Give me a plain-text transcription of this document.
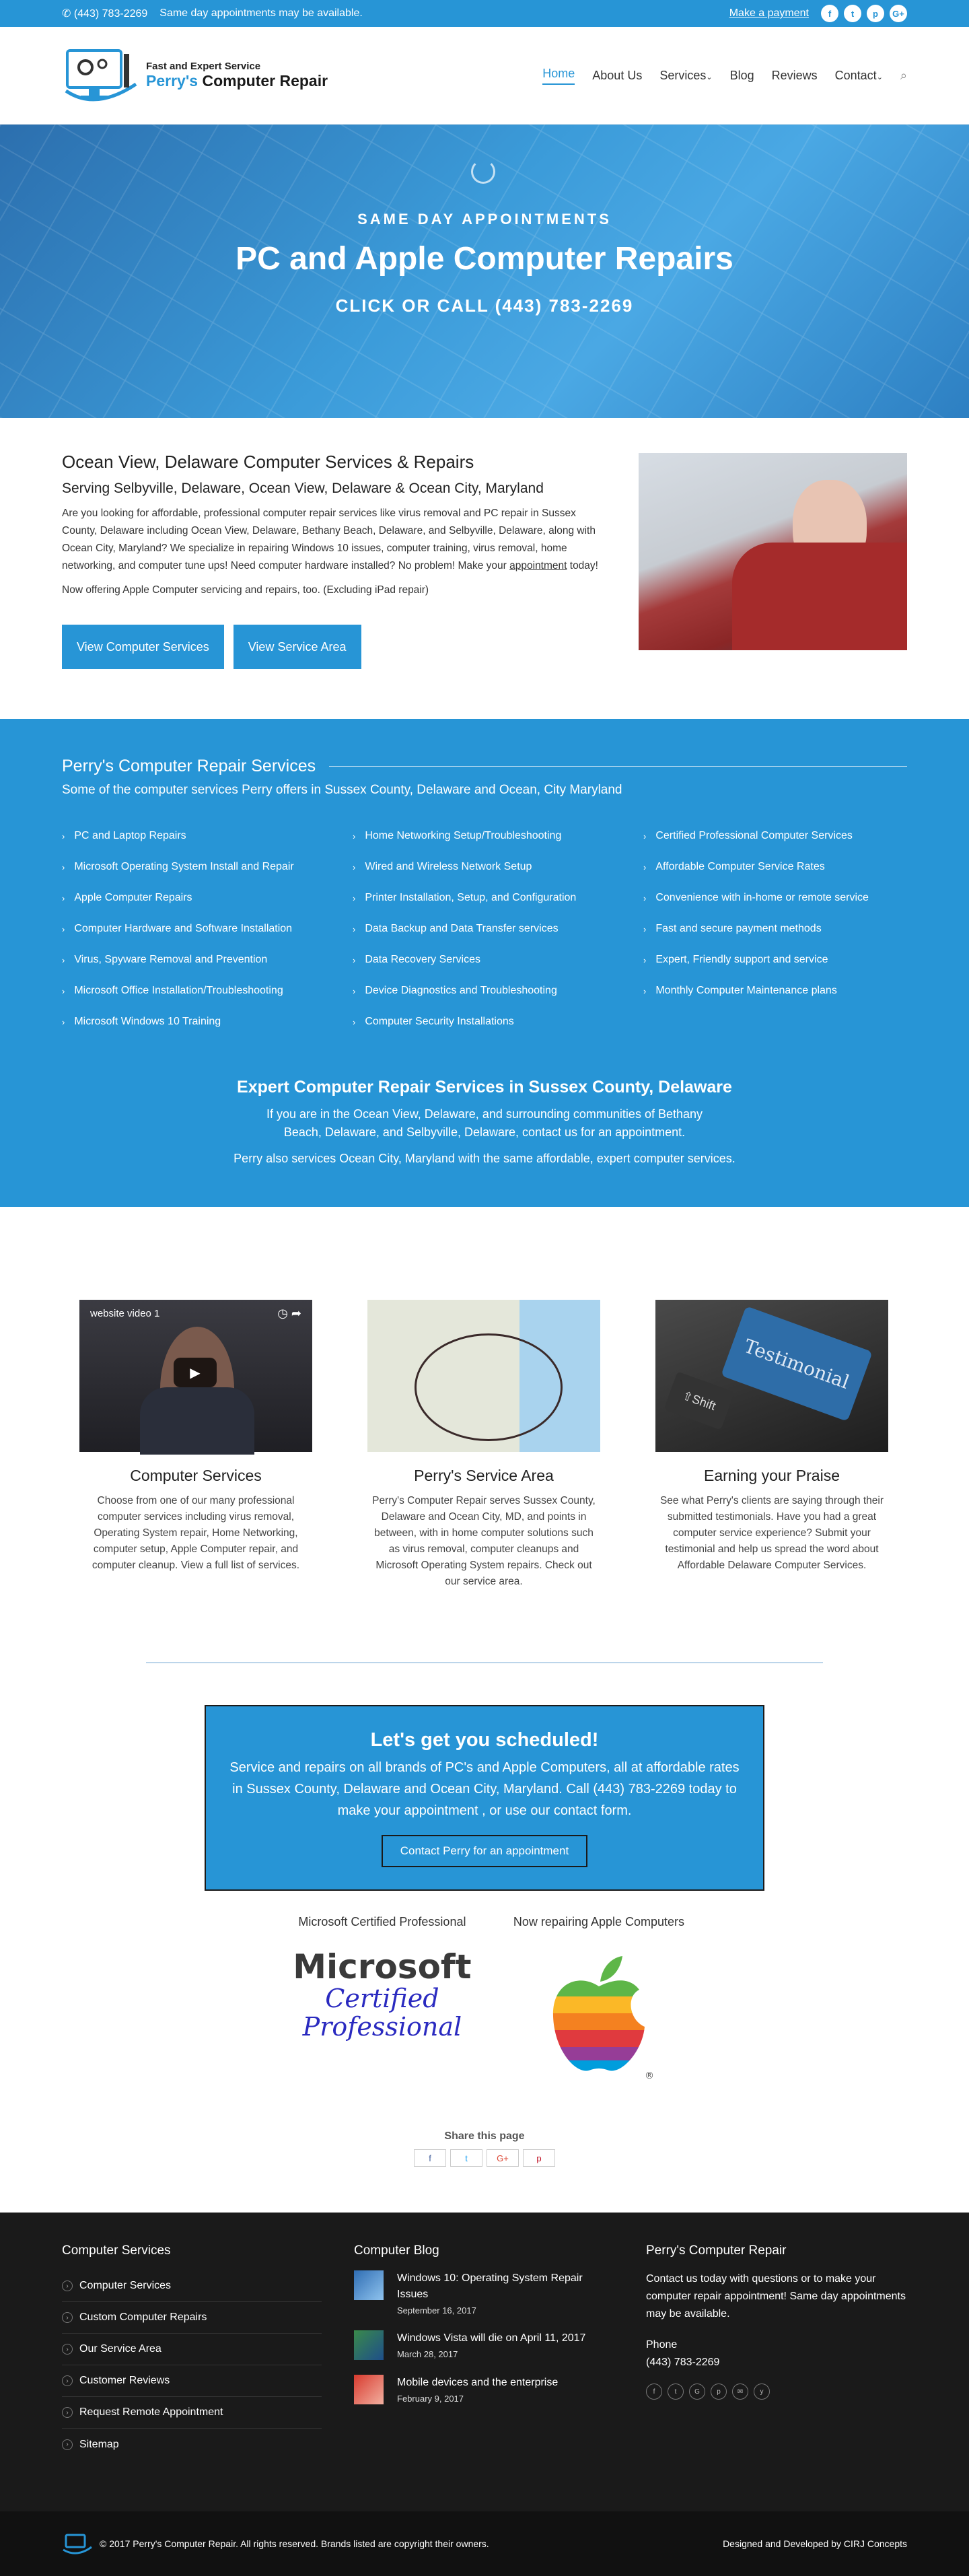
✆ (443) 783-2269 Same day appointments may be available.	Make a payment	f	t	p	G+
Fast and Expert Service
Perry's Computer Repair	Home About Us Services⌄ Blog Reviews Contact⌄ ⌕
SAME DAY APPOINTMENTS
PC and Apple Computer Repairs
CLICK OR CALL (443) 783-2269
Ocean View, Delaware Computer Services & Repairs
Serving Selbyville, Delaware, Ocean View, Delaware & Ocean City, Maryland

Are you looking for affordable, professional computer repair services like virus removal and PC repair in Sussex County, Delaware including Ocean View, Delaware, Bethany Beach, Delaware, and Selbyville, Delaware, along with Ocean City, Maryland? We specialize in repairing Windows 10 issues, computer training, virus removal, home networking, and computer tune ups! Need computer hardware installed? No problem! Make your appointment today!

Now offering Apple Computer servicing and repairs, too. (Excluding iPad repair)

View Computer Services	View Service Area
Perry's Computer Repair Services
Some of the computer services Perry offers in Sussex County, Delaware and Ocean, City Maryland
› PC and Laptop Repairs
› Microsoft Operating System Install and Repair
› Apple Computer Repairs
› Computer Hardware and Software Installation
› Virus, Spyware Removal and Prevention
› Microsoft Office Installation/Troubleshooting
› Microsoft Windows 10 Training
› Home Networking Setup/Troubleshooting
› Wired and Wireless Network Setup
› Printer Installation, Setup, and Configuration
› Data Backup and Data Transfer services
› Data Recovery Services
› Device Diagnostics and Troubleshooting
› Computer Security Installations
› Certified Professional Computer Services
› Affordable Computer Service Rates
› Convenience with in-home or remote service
› Fast and secure payment methods
› Expert, Friendly support and service
› Monthly Computer Maintenance plans
Expert Computer Repair Services in Sussex County, Delaware

If you are in the Ocean View, Delaware, and surrounding communities of Bethany Beach, Delaware, and Selbyville, Delaware, contact us for an appointment.

Perry also services Ocean City, Maryland with the same affordable, expert computer services.

website video 1	◷ ➦
▶
Computer Services

Choose from one of our many professional computer services including virus removal, Operating System repair, Home Networking, computer setup, Apple Computer repair, and computer cleanup. View a full list of services.

Perry's Service Area

Perry's Computer Repair serves Sussex County, Delaware and Ocean City, MD, and points in between, with in home computer solutions such as virus removal, computer cleanups and Microsoft Operating System repairs. Check out our service area.

Testimonial
⇧
Shift
Earning your Praise

See what Perry's clients are saying through their submitted testimonials. Have you had a great computer service experience? Submit your testimonial and help us spread the word about Affordable Delaware Computer Services.

Let's get you scheduled!

Service and repairs on all brands of PC's and Apple Computers, all at affordable rates in Sussex County, Delaware and Ocean City, Maryland. Call (443) 783-2269 today to make your appointment , or use our contact form.

Contact Perry for an appointment
Microsoft Certified Professional
Microsoft
Certified
Professional
Now repairing Apple Computers
®
Share this page
f	t	G+	p
Computer Services
›	Computer Services
›	Custom Computer Repairs
›	Our Service Area
›	Customer Reviews
›	Request Remote Appointment
›	Sitemap
Computer Blog
Windows 10: Operating System Repair Issues
September 16, 2017
Windows Vista will die on April 11, 2017
March 28, 2017
Mobile devices and the enterprise
February 9, 2017
Perry's Computer Repair

Contact us today with questions or to make your computer repair appointment! Same day appointments may be available.

Phone

(443) 783-2269

f	t	G	p	✉	y
© 2017 Perry's Computer Repair. All rights reserved. Brands listed are copyright their owners.	Designed and Developed by CIRJ Concepts
